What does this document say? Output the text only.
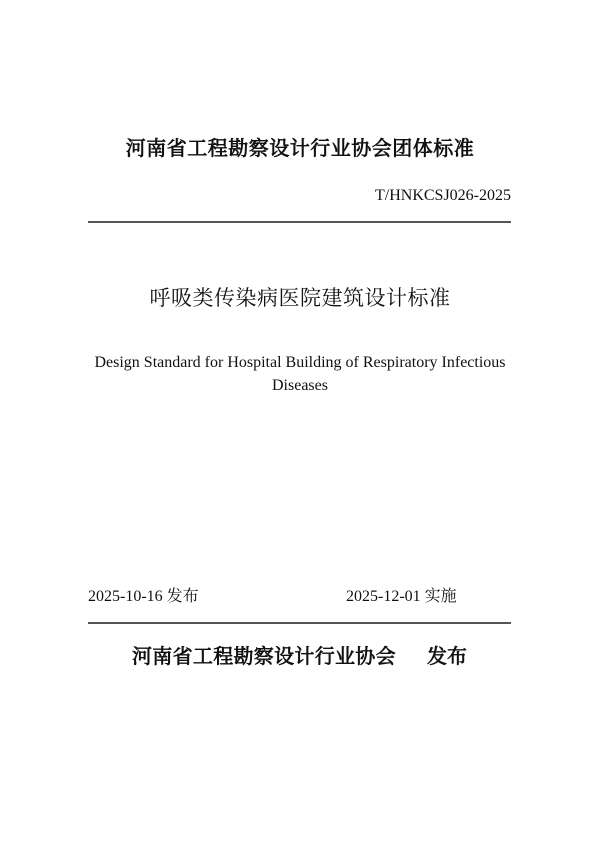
河南省工程勘察设计行业协会团体标准
T/HNKCSJ026-2025
呼吸类传染病医院建筑设计标准
Design Standard for Hospital Building of Respiratory Infectious Diseases
2025-10-16 发布	2025-12-01 实施
河南省工程勘察设计行业协会 发布
